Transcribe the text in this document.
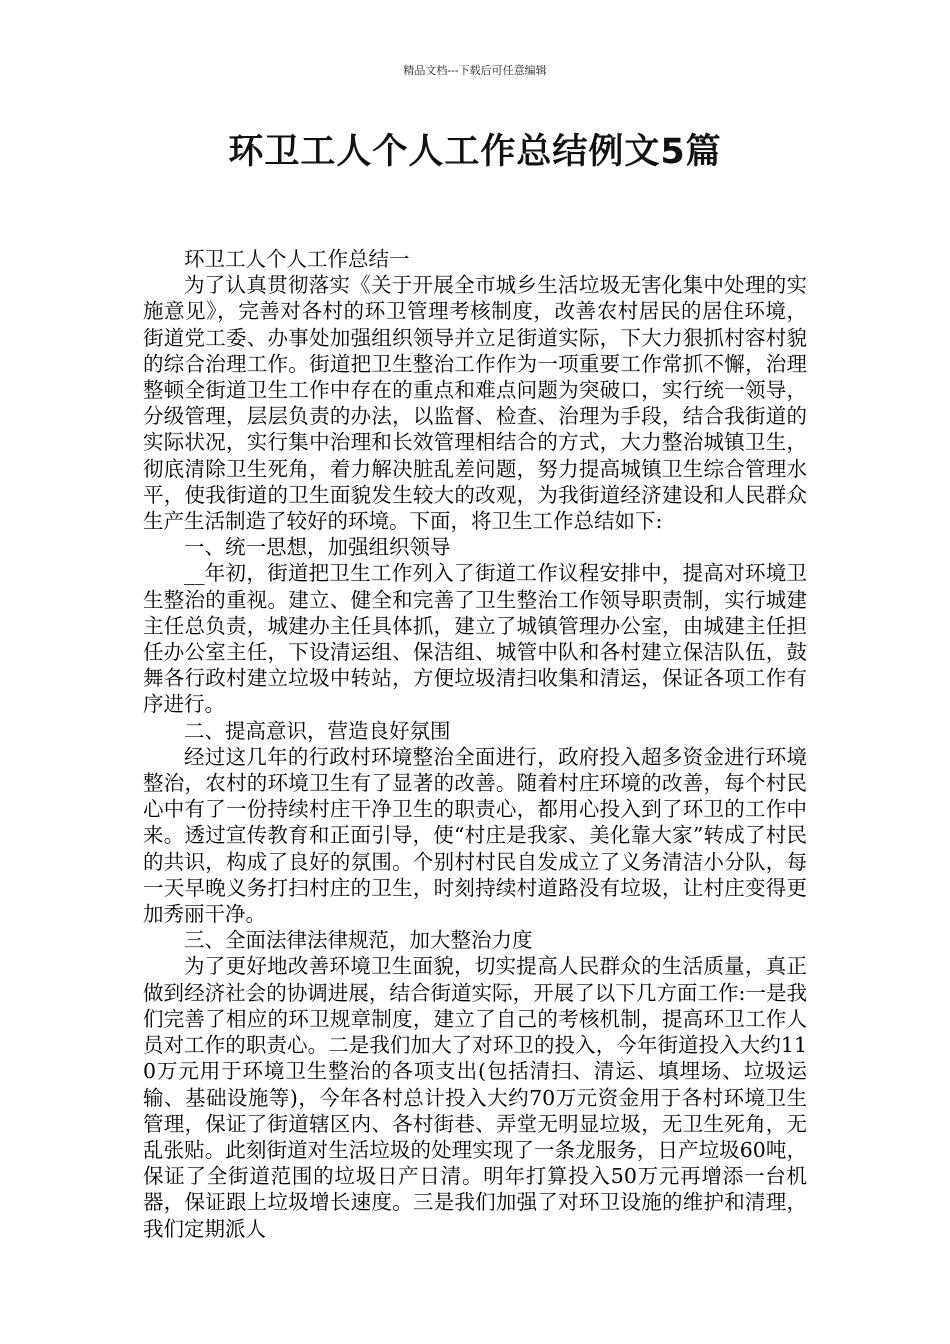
精品文档---下载后可任意编辑
环卫工人个人工作总结例文5篇

环卫工人个人工作总结一

为了认真贯彻落实《关于开展全市城乡生活垃圾无害化集中处理的实施意见》，完善对各村的环卫管理考核制度，改善农村居民的居住环境，街道党工委、办事处加强组织领导并立足街道实际，下大力狠抓村容村貌的综合治理工作。街道把卫生整治工作作为一项重要工作常抓不懈，治理整顿全街道卫生工作中存在的重点和难点问题为突破口，实行统一领导，分级管理，层层负责的办法，以监督、检查、治理为手段，结合我街道的实际状况，实行集中治理和长效管理相结合的方式，大力整治城镇卫生，彻底清除卫生死角，着力解决脏乱差问题，努力提高城镇卫生综合管理水平，使我街道的卫生面貌发生较大的改观，为我街道经济建设和人民群众生产生活制造了较好的环境。下面，将卫生工作总结如下:

一、统一思想，加强组织领导

__年初，街道把卫生工作列入了街道工作议程安排中，提高对环境卫生整治的重视。建立、健全和完善了卫生整治工作领导职责制，实行城建主任总负责，城建办主任具体抓，建立了城镇管理办公室，由城建主任担任办公室主任，下设清运组、保洁组、城管中队和各村建立保洁队伍，鼓舞各行政村建立垃圾中转站，方便垃圾清扫收集和清运，保证各项工作有序进行。

二、提高意识，营造良好氛围

经过这几年的行政村环境整治全面进行，政府投入超多资金进行环境整治，农村的环境卫生有了显著的改善。随着村庄环境的改善，每个村民心中有了一份持续村庄干净卫生的职责心，都用心投入到了环卫的工作中来。透过宣传教育和正面引导，使“村庄是我家、美化靠大家”转成了村民的共识，构成了良好的氛围。个别村村民自发成立了义务清洁小分队，每一天早晚义务打扫村庄的卫生，时刻持续村道路没有垃圾，让村庄变得更加秀丽干净。

三、全面法律法律规范，加大整治力度

为了更好地改善环境卫生面貌，切实提高人民群众的生活质量，真正做到经济社会的协调进展，结合街道实际，开展了以下几方面工作:一是我们完善了相应的环卫规章制度，建立了自己的考核机制，提高环卫工作人员对工作的职责心。二是我们加大了对环卫的投入，今年街道投入大约110万元用于环境卫生整治的各项支出(包括清扫、清运、填埋场、垃圾运输、基础设施等)，今年各村总计投入大约70万元资金用于各村环境卫生管理，保证了街道辖区内、各村街巷、弄堂无明显垃圾，无卫生死角，无乱张贴。此刻街道对生活垃圾的处理实现了一条龙服务，日产垃圾60吨，保证了全街道范围的垃圾日产日清。明年打算投入50万元再增添一台机器，保证跟上垃圾增长速度。三是我们加强了对环卫设施的维护和清理，我们定期派人
